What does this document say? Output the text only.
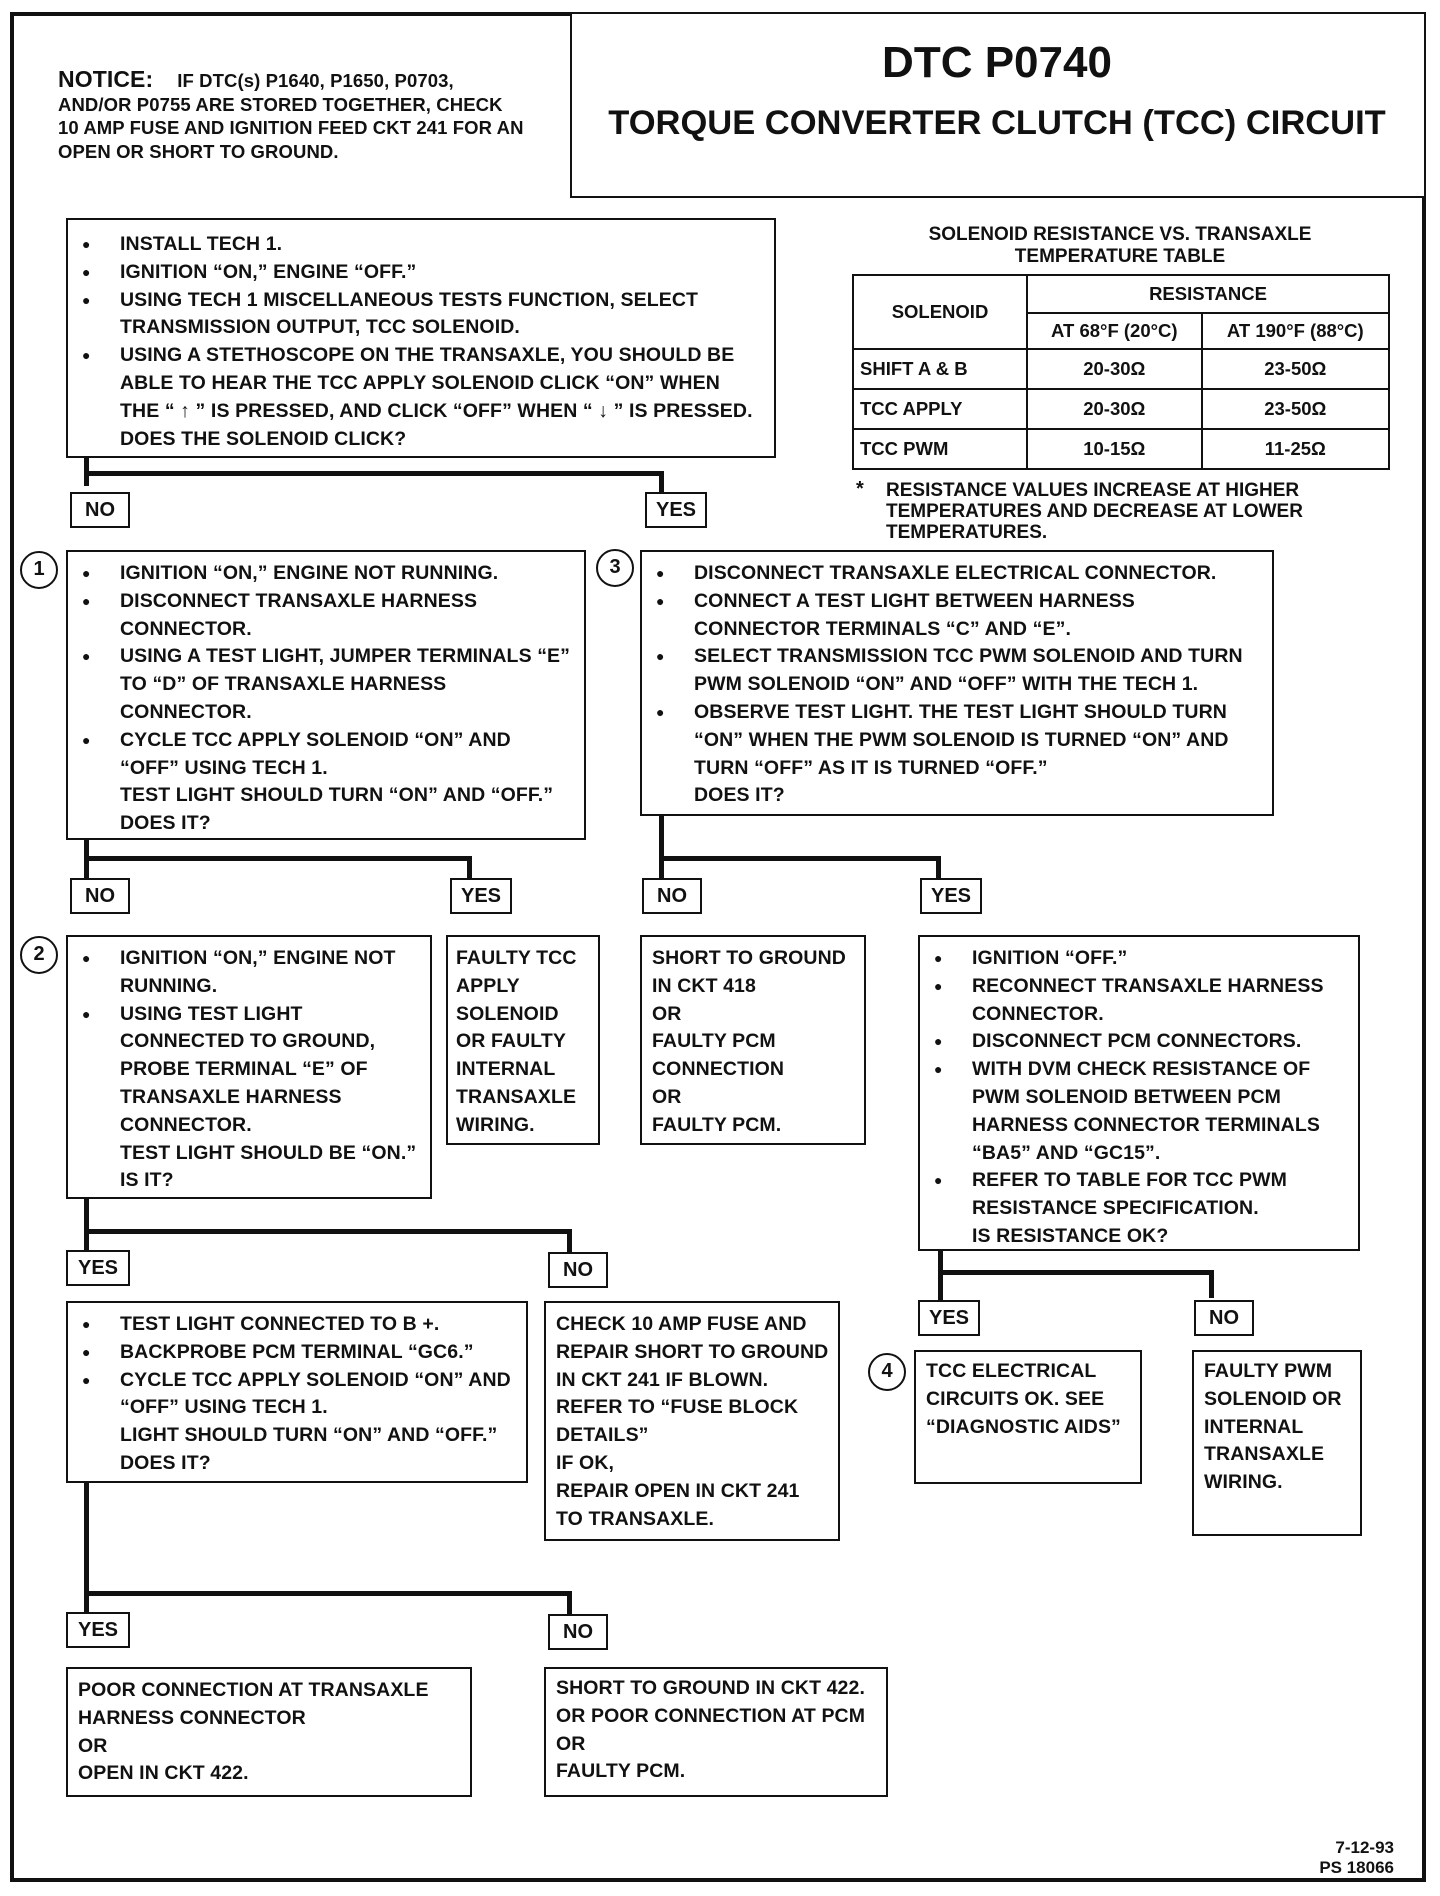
NOTICE: IF DTC(s) P1640, P1650, P0703, AND/OR P0755 ARE STORED TOGETHER, CHECK 10 AMP FUSE AND IGNITION FEED CKT 241 FOR AN OPEN OR SHORT TO GROUND.
DTC P0740
TORQUE CONVERTER CLUTCH (TCC) CIRCUIT
● INSTALL TECH 1.
● IGNITION “ON,” ENGINE “OFF.”
● USING TECH 1 MISCELLANEOUS TESTS FUNCTION, SELECT TRANSMISSION OUTPUT, TCC SOLENOID.
● USING A STETHOSCOPE ON THE TRANSAXLE, YOU SHOULD BE ABLE TO HEAR THE TCC APPLY SOLENOID CLICK “ON” WHEN THE “ ↑ ” IS PRESSED, AND CLICK “OFF” WHEN “ ↓ ” IS PRESSED.
DOES THE SOLENOID CLICK?
SOLENOID RESISTANCE VS. TRANSAXLE TEMPERATURE TABLE
SOLENOID	RESISTANCE	
	AT 68°F (20°C)	AT 190°F (88°C)
SHIFT A & B	20-30Ω	23-50Ω
TCC APPLY	20-30Ω	23-50Ω
TCC PWM	10-15Ω	11-25Ω
* RESISTANCE VALUES INCREASE AT HIGHER TEMPERATURES AND DECREASE AT LOWER TEMPERATURES.
NO	YES
1	3
2
4
● IGNITION “ON,” ENGINE NOT RUNNING.
● DISCONNECT TRANSAXLE HARNESS CONNECTOR.
● USING A TEST LIGHT, JUMPER TERMINALS “E” TO “D” OF TRANSAXLE HARNESS CONNECTOR.
● CYCLE TCC APPLY SOLENOID “ON” AND “OFF” USING TECH 1.
TEST LIGHT SHOULD TURN “ON” AND “OFF.” DOES IT?
● DISCONNECT TRANSAXLE ELECTRICAL CONNECTOR.
● CONNECT A TEST LIGHT BETWEEN HARNESS CONNECTOR TERMINALS “C” AND “E”.
● SELECT TRANSMISSION TCC PWM SOLENOID AND TURN PWM SOLENOID “ON” AND “OFF” WITH THE TECH 1.
● OBSERVE TEST LIGHT. THE TEST LIGHT SHOULD TURN “ON” WHEN THE PWM SOLENOID IS TURNED “ON” AND TURN “OFF” AS IT IS TURNED “OFF.”
DOES IT?
NO	YES	NO	YES
● IGNITION “ON,” ENGINE NOT RUNNING.
● USING TEST LIGHT CONNECTED TO GROUND, PROBE TERMINAL “E” OF TRANSAXLE HARNESS CONNECTOR.
TEST LIGHT SHOULD BE “ON.” IS IT?
FAULTY TCC APPLY SOLENOID OR FAULTY INTERNAL TRANSAXLE WIRING.
SHORT TO GROUND IN CKT 418
OR
FAULTY PCM CONNECTION
OR
FAULTY PCM.
● IGNITION “OFF.”
● RECONNECT TRANSAXLE HARNESS CONNECTOR.
● DISCONNECT PCM CONNECTORS.
● WITH DVM CHECK RESISTANCE OF PWM SOLENOID BETWEEN PCM HARNESS CONNECTOR TERMINALS “BA5” AND “GC15”.
● REFER TO TABLE FOR TCC PWM RESISTANCE SPECIFICATION.
IS RESISTANCE OK?
YES	NO
YES	NO
● TEST LIGHT CONNECTED TO B +.
● BACKPROBE PCM TERMINAL “GC6.”
● CYCLE TCC APPLY SOLENOID “ON” AND “OFF” USING TECH 1.
LIGHT SHOULD TURN “ON” AND “OFF.” DOES IT?
CHECK 10 AMP FUSE AND REPAIR SHORT TO GROUND IN CKT 241 IF BLOWN. REFER TO “FUSE BLOCK DETAILS”
IF OK,
REPAIR OPEN IN CKT 241 TO TRANSAXLE.
TCC ELECTRICAL CIRCUITS OK. SEE “DIAGNOSTIC AIDS”
FAULTY PWM SOLENOID OR INTERNAL TRANSAXLE WIRING.
YES	NO
POOR CONNECTION AT TRANSAXLE HARNESS CONNECTOR
OR
OPEN IN CKT 422.
SHORT TO GROUND IN CKT 422.
OR POOR CONNECTION AT PCM
OR
FAULTY PCM.
7-12-93
PS 18066
